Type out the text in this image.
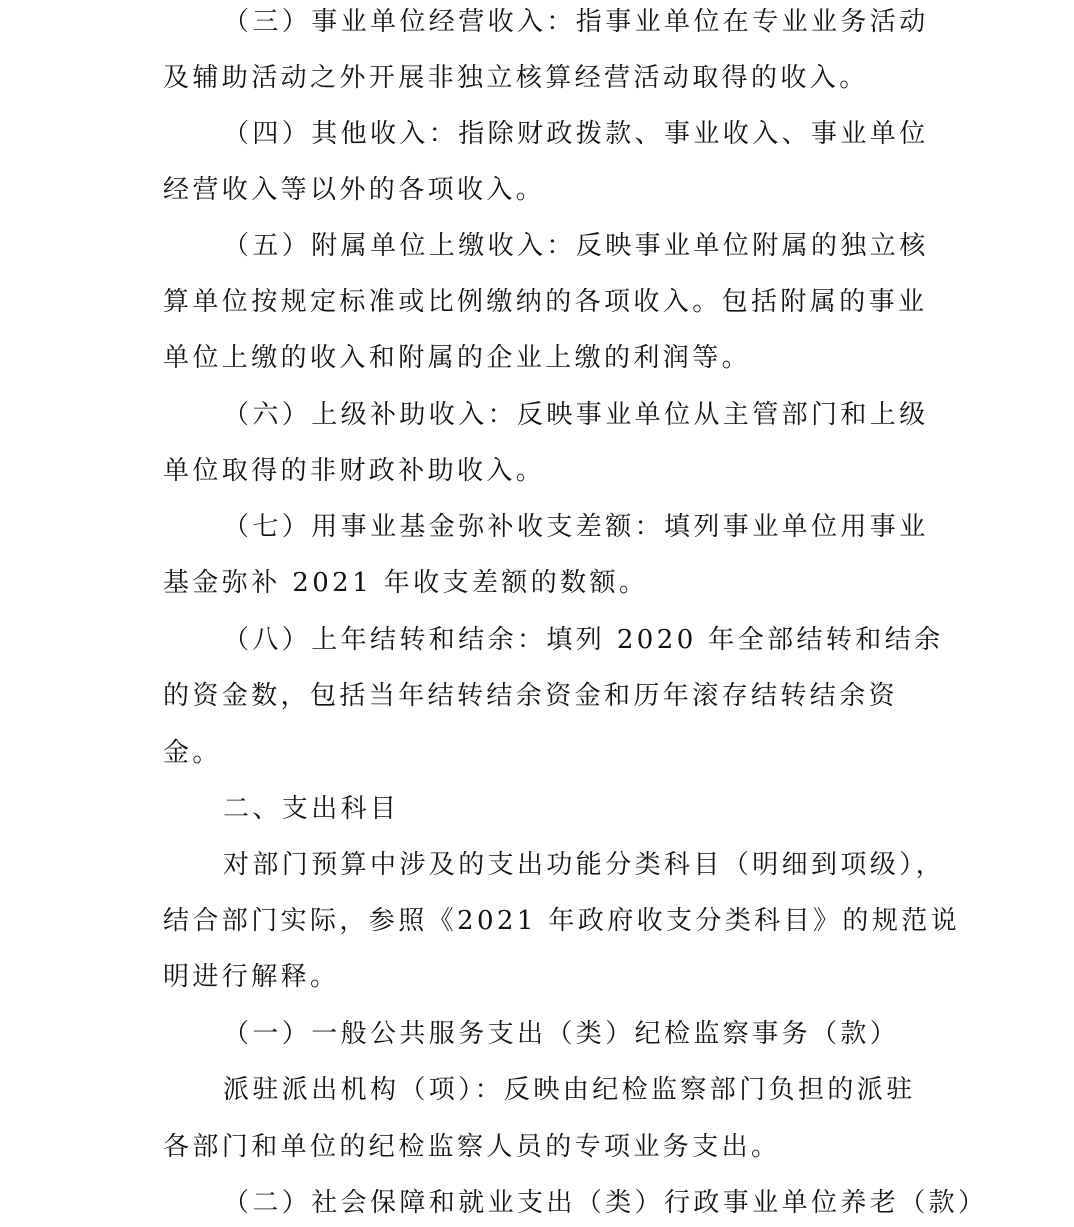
（三）事业单位经营收入：指事业单位在专业业务活动
及辅助活动之外开展非独立核算经营活动取得的收入。
（四）其他收入：指除财政拨款、事业收入、事业单位
经营收入等以外的各项收入。
（五）附属单位上缴收入：反映事业单位附属的独立核
算单位按规定标准或比例缴纳的各项收入。包括附属的事业
单位上缴的收入和附属的企业上缴的利润等。
（六）上级补助收入：反映事业单位从主管部门和上级
单位取得的非财政补助收入。
（七）用事业基金弥补收支差额：填列事业单位用事业
基金弥补 2021 年收支差额的数额。
（八）上年结转和结余：填列 2020 年全部结转和结余
的资金数，包括当年结转结余资金和历年滚存结转结余资
金。
二、支出科目
对部门预算中涉及的支出功能分类科目（明细到项级），
结合部门实际，参照《2021 年政府收支分类科目》的规范说
明进行解释。
（一）一般公共服务支出（类）纪检监察事务（款）
派驻派出机构（项）：反映由纪检监察部门负担的派驻
各部门和单位的纪检监察人员的专项业务支出。
（二）社会保障和就业支出（类）行政事业单位养老（款）
